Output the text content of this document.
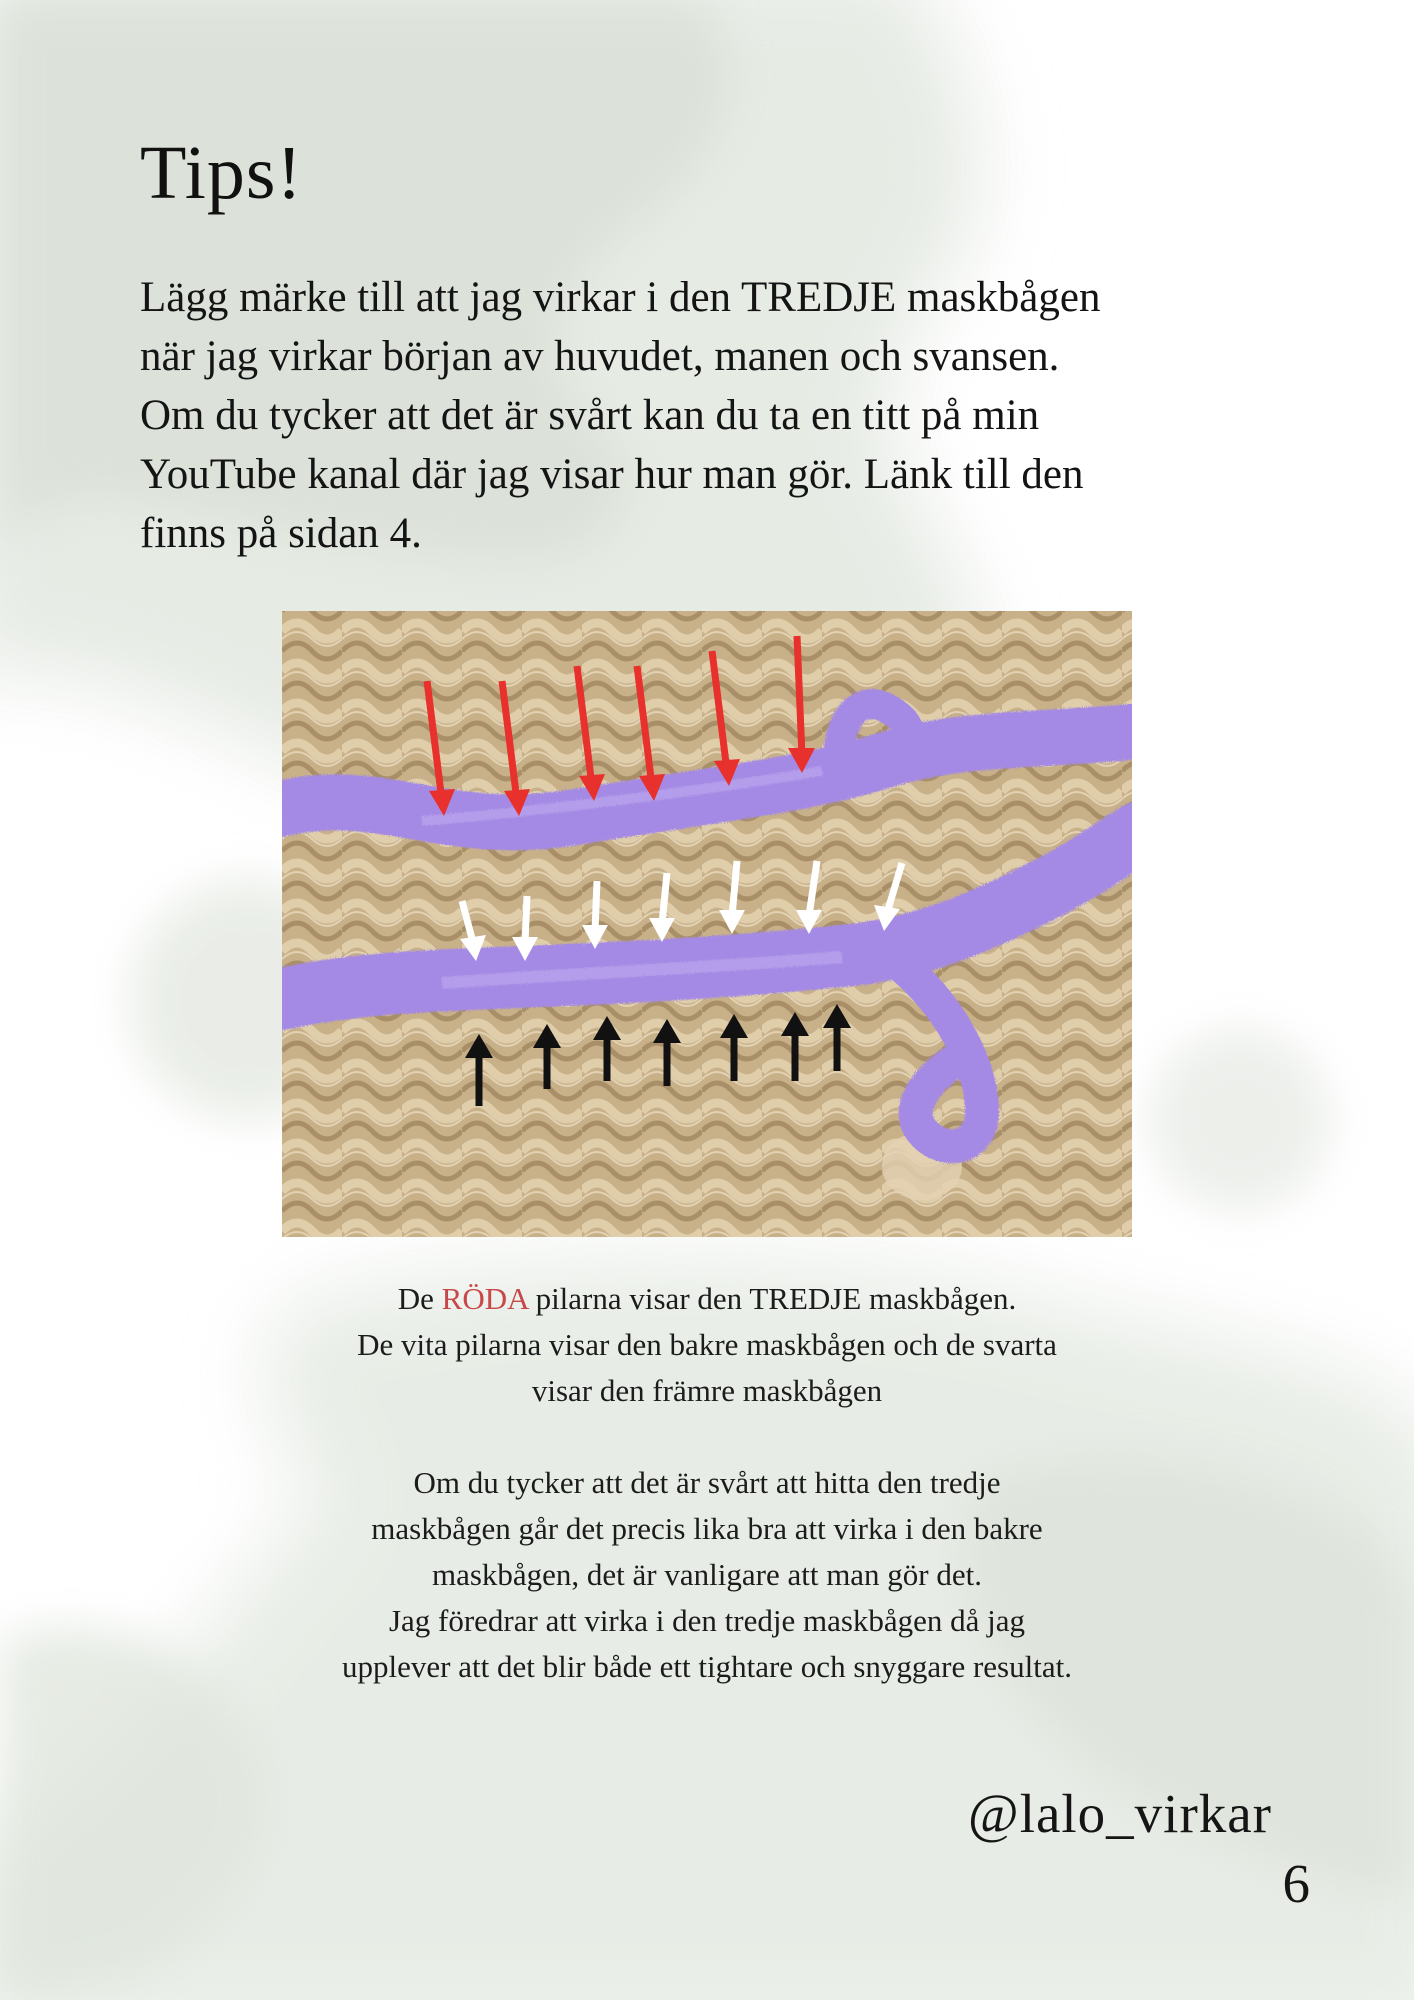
Tips!

Lägg märke till att jag virkar i den TREDJE maskbågen
när jag virkar början av huvudet, manen och svansen.
Om du tycker att det är svårt kan du ta en titt på min
YouTube kanal där jag visar hur man gör. Länk till den
finns på sidan 4.

De RÖDA pilarna visar den TREDJE maskbågen.
De vita pilarna visar den bakre maskbågen och de svarta
visar den främre maskbågen

Om du tycker att det är svårt att hitta den tredje
maskbågen går det precis lika bra att virka i den bakre
maskbågen, det är vanligare att man gör det.
Jag föredrar att virka i den tredje maskbågen då jag
upplever att det blir både ett tightare och snyggare resultat.

@lalo_virkar
6
